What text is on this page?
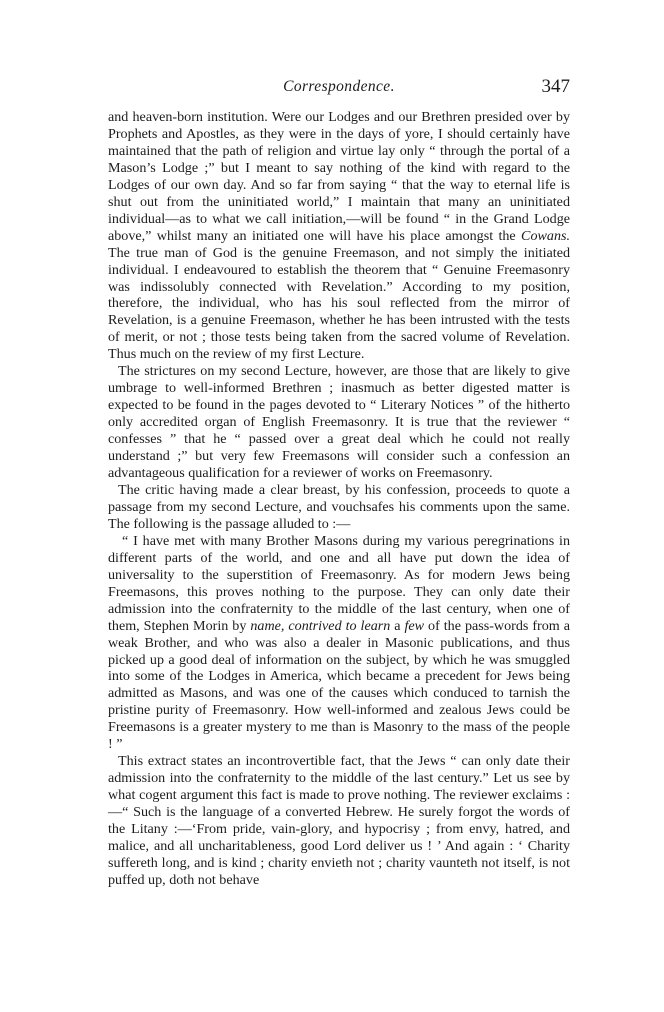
Correspondence.	347

and heaven-born institution. Were our Lodges and our Brethren presided over by Prophets and Apostles, as they were in the days of yore, I should certainly have maintained that the path of religion and virtue lay only “ through the portal of a Mason’s Lodge ;” but I meant to say nothing of the kind with regard to the Lodges of our own day. And so far from saying “ that the way to eternal life is shut out from the uninitiated world,” I maintain that many an uninitiated individual—as to what we call initiation,—will be found “ in the Grand Lodge above,” whilst many an initiated one will have his place amongst the Cowans. The true man of God is the genuine Freemason, and not simply the initiated individual. I endeavoured to establish the theorem that “ Genuine Freemasonry was indissolubly connected with Revelation.” According to my position, therefore, the individual, who has his soul reflected from the mirror of Revelation, is a genuine Freemason, whether he has been intrusted with the tests of merit, or not ; those tests being taken from the sacred volume of Revelation. Thus much on the review of my first Lecture.

The strictures on my second Lecture, however, are those that are likely to give umbrage to well-informed Brethren ; inasmuch as better digested matter is expected to be found in the pages devoted to “ Literary Notices ” of the hitherto only accredited organ of English Freemasonry. It is true that the reviewer “ confesses ” that he “ passed over a great deal which he could not really understand ;” but very few Freemasons will consider such a confession an advantageous qualification for a reviewer of works on Freemasonry.

The critic having made a clear breast, by his confession, proceeds to quote a passage from my second Lecture, and vouchsafes his comments upon the same. The following is the passage alluded to :—

“ I have met with many Brother Masons during my various peregrinations in different parts of the world, and one and all have put down the idea of universality to the superstition of Freemasonry. As for modern Jews being Freemasons, this proves nothing to the purpose. They can only date their admission into the confraternity to the middle of the last century, when one of them, Stephen Morin by name, contrived to learn a few of the pass-words from a weak Brother, and who was also a dealer in Masonic publications, and thus picked up a good deal of information on the subject, by which he was smuggled into some of the Lodges in America, which became a precedent for Jews being admitted as Masons, and was one of the causes which conduced to tarnish the pristine purity of Freemasonry. How well-informed and zealous Jews could be Freemasons is a greater mystery to me than is Masonry to the mass of the people ! ”

This extract states an incontrovertible fact, that the Jews “ can only date their admission into the confraternity to the middle of the last century.” Let us see by what cogent argument this fact is made to prove nothing. The reviewer exclaims :—“ Such is the language of a converted Hebrew. He surely forgot the words of the Litany :—‘From pride, vain-glory, and hypocrisy ; from envy, hatred, and malice, and all uncharitableness, good Lord deliver us ! ’ And again : ‘ Charity suffereth long, and is kind ; charity envieth not ; charity vaunteth not itself, is not puffed up, doth not behave
